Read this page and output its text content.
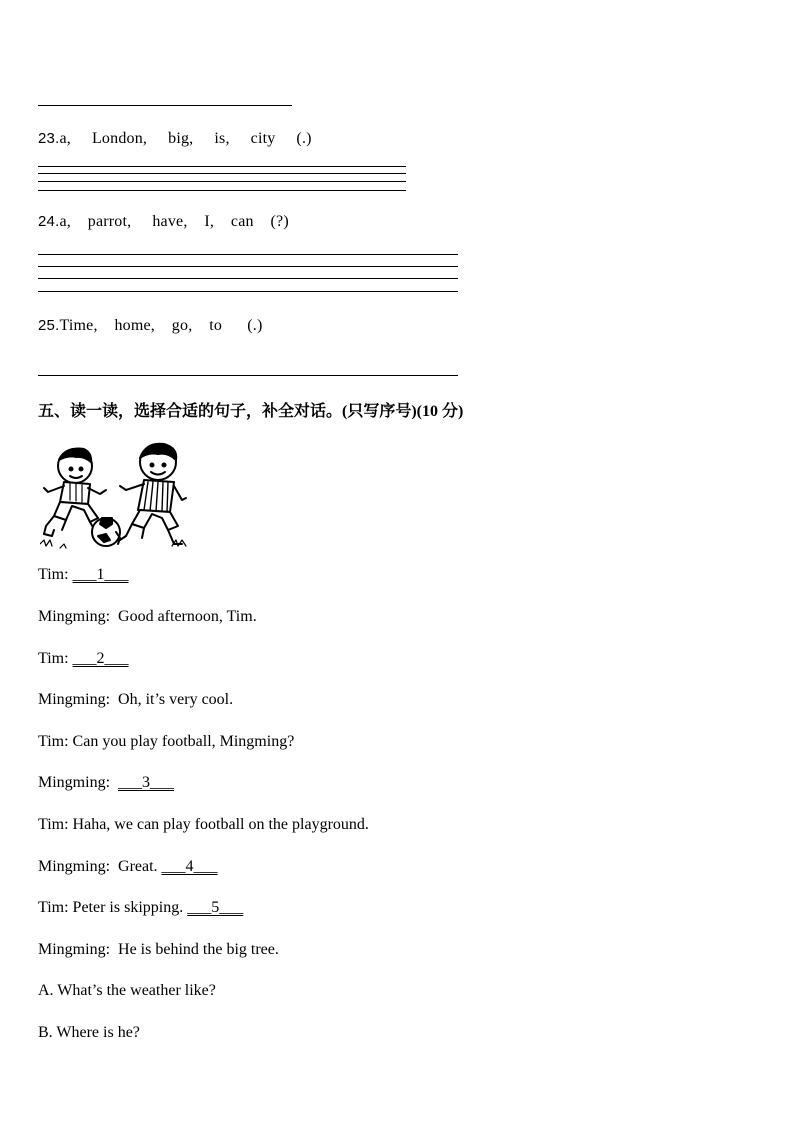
23.a,     London,     big,     is,     city     (.)
24.a,    parrot,     have,    I,    can    (?)
25.Time,    home,    go,    to      (.)
五、读一读，选择合适的句子，补全对话。(只写序号)(10 分)
Tim: ___1___
Mingming:  Good afternoon, Tim.
Tim: ___2___
Mingming:  Oh, it’s very cool.
Tim: Can you play football, Mingming?
Mingming: ___3___
Tim: Haha, we can play football on the playground.
Mingming:  Great. ___4___
Tim: Peter is skipping. ___5___
Mingming:  He is behind the big tree.
A. What’s the weather like?
B. Where is he?
